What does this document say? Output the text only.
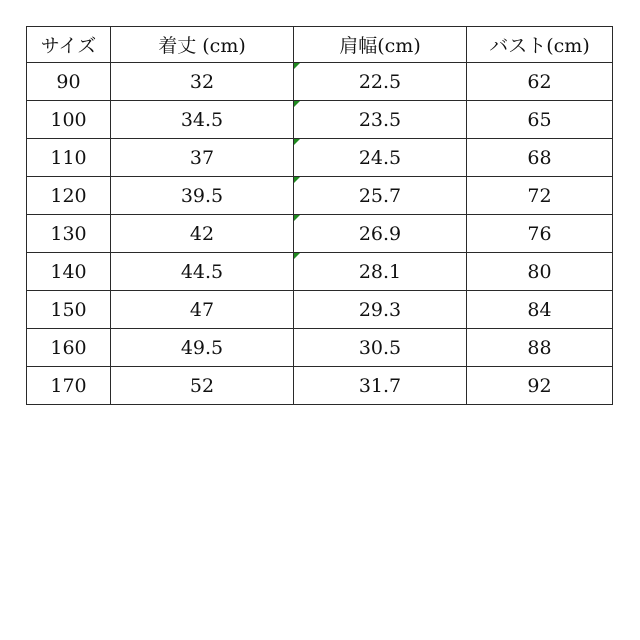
サイズ	着丈 (cm)	肩幅(cm)	バスト(cm)
90	32	22.5	62
100	34.5	23.5	65
110	37	24.5	68
120	39.5	25.7	72
130	42	26.9	76
140	44.5	28.1	80
150	47	29.3	84
160	49.5	30.5	88
170	52	31.7	92
